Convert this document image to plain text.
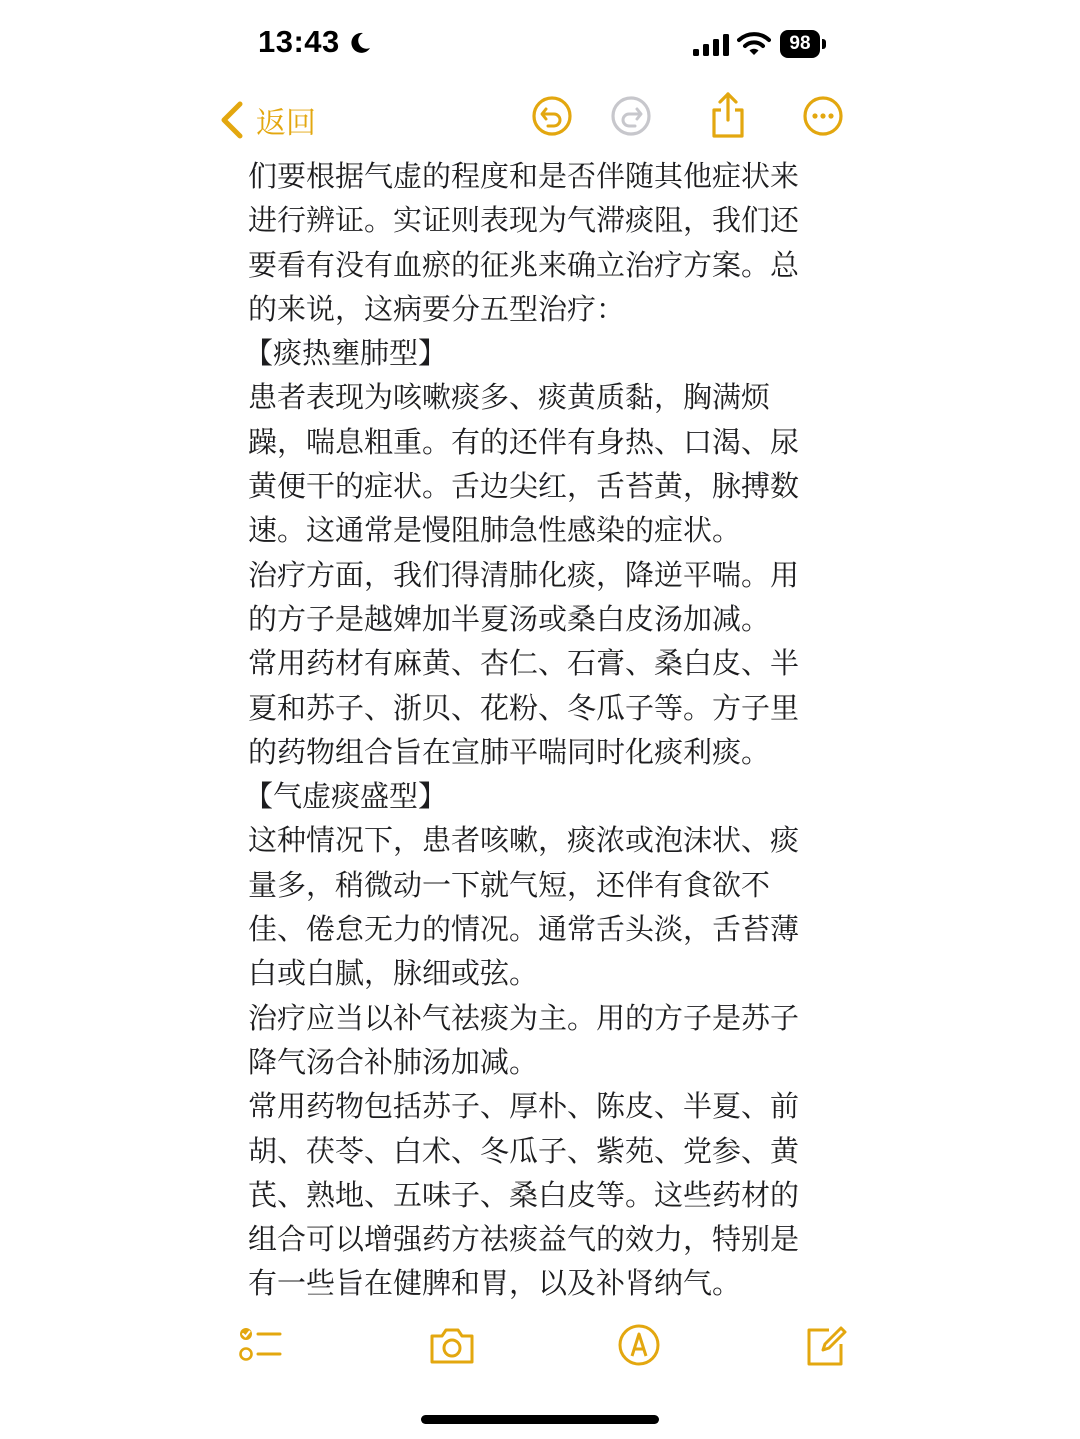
13:43	98
返回

们要根据气虚的程度和是否伴随其他症状来进行辨证。实证则表现为气滞痰阻，我们还要看有没有血瘀的征兆来确立治疗方案。总的来说，这病要分五型治疗：

【痰热壅肺型】

患者表现为咳嗽痰多、痰黄质黏，胸满烦躁，喘息粗重。有的还伴有身热、口渴、尿黄便干的症状。舌边尖红，舌苔黄，脉搏数速。这通常是慢阻肺急性感染的症状。

治疗方面，我们得清肺化痰，降逆平喘。用的方子是越婢加半夏汤或桑白皮汤加减。

常用药材有麻黄、杏仁、石膏、桑白皮、半夏和苏子、浙贝、花粉、冬瓜子等。方子里的药物组合旨在宣肺平喘同时化痰利痰。

【气虚痰盛型】

这种情况下，患者咳嗽，痰浓或泡沫状、痰量多，稍微动一下就气短，还伴有食欲不佳、倦怠无力的情况。通常舌头淡，舌苔薄白或白腻，脉细或弦。

治疗应当以补气祛痰为主。用的方子是苏子降气汤合补肺汤加减。

常用药物包括苏子、厚朴、陈皮、半夏、前胡、茯苓、白术、冬瓜子、紫苑、党参、黄芪、熟地、五味子、桑白皮等。这些药材的组合可以增强药方祛痰益气的效力，特别是有一些旨在健脾和胃，以及补肾纳气。
